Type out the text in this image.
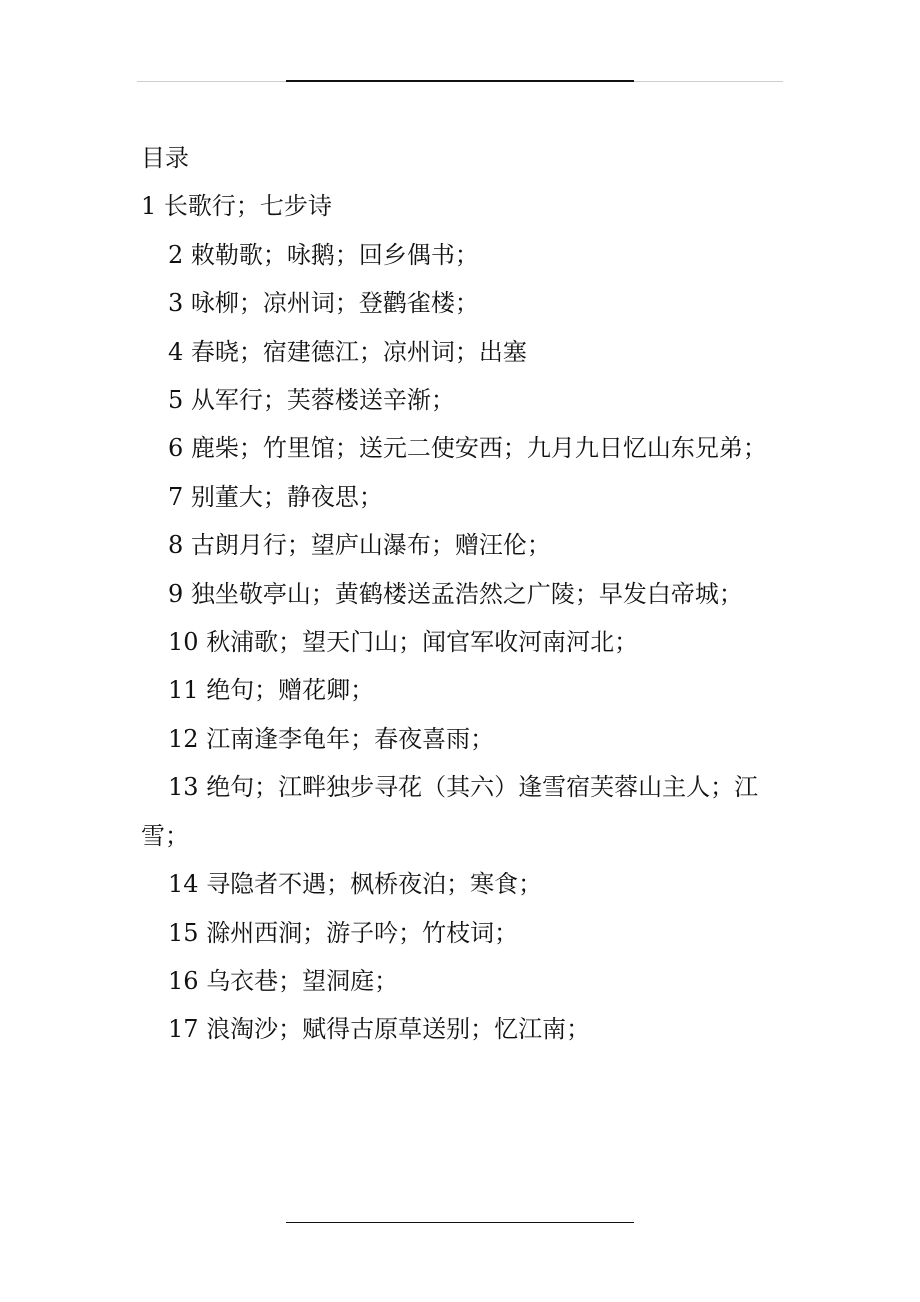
目录

1 长歌行；七步诗

2 敕勒歌；咏鹅；回乡偶书；

3 咏柳；凉州词；登鹳雀楼；

4 春晓；宿建德江；凉州词；出塞

5 从军行；芙蓉楼送辛渐；

6 鹿柴；竹里馆；送元二使安西；九月九日忆山东兄弟；

7 别董大；静夜思；

8 古朗月行；望庐山瀑布；赠汪伦；

9 独坐敬亭山；黄鹤楼送孟浩然之广陵；早发白帝城；

10 秋浦歌；望天门山；闻官军收河南河北；

11 绝句；赠花卿；

12 江南逢李龟年；春夜喜雨；

13 绝句；江畔独步寻花（其六）逢雪宿芙蓉山主人；江雪；

14 寻隐者不遇；枫桥夜泊；寒食；

15 滁州西涧；游子吟；竹枝词；

16 乌衣巷；望洞庭；

17 浪淘沙；赋得古原草送别；忆江南；
